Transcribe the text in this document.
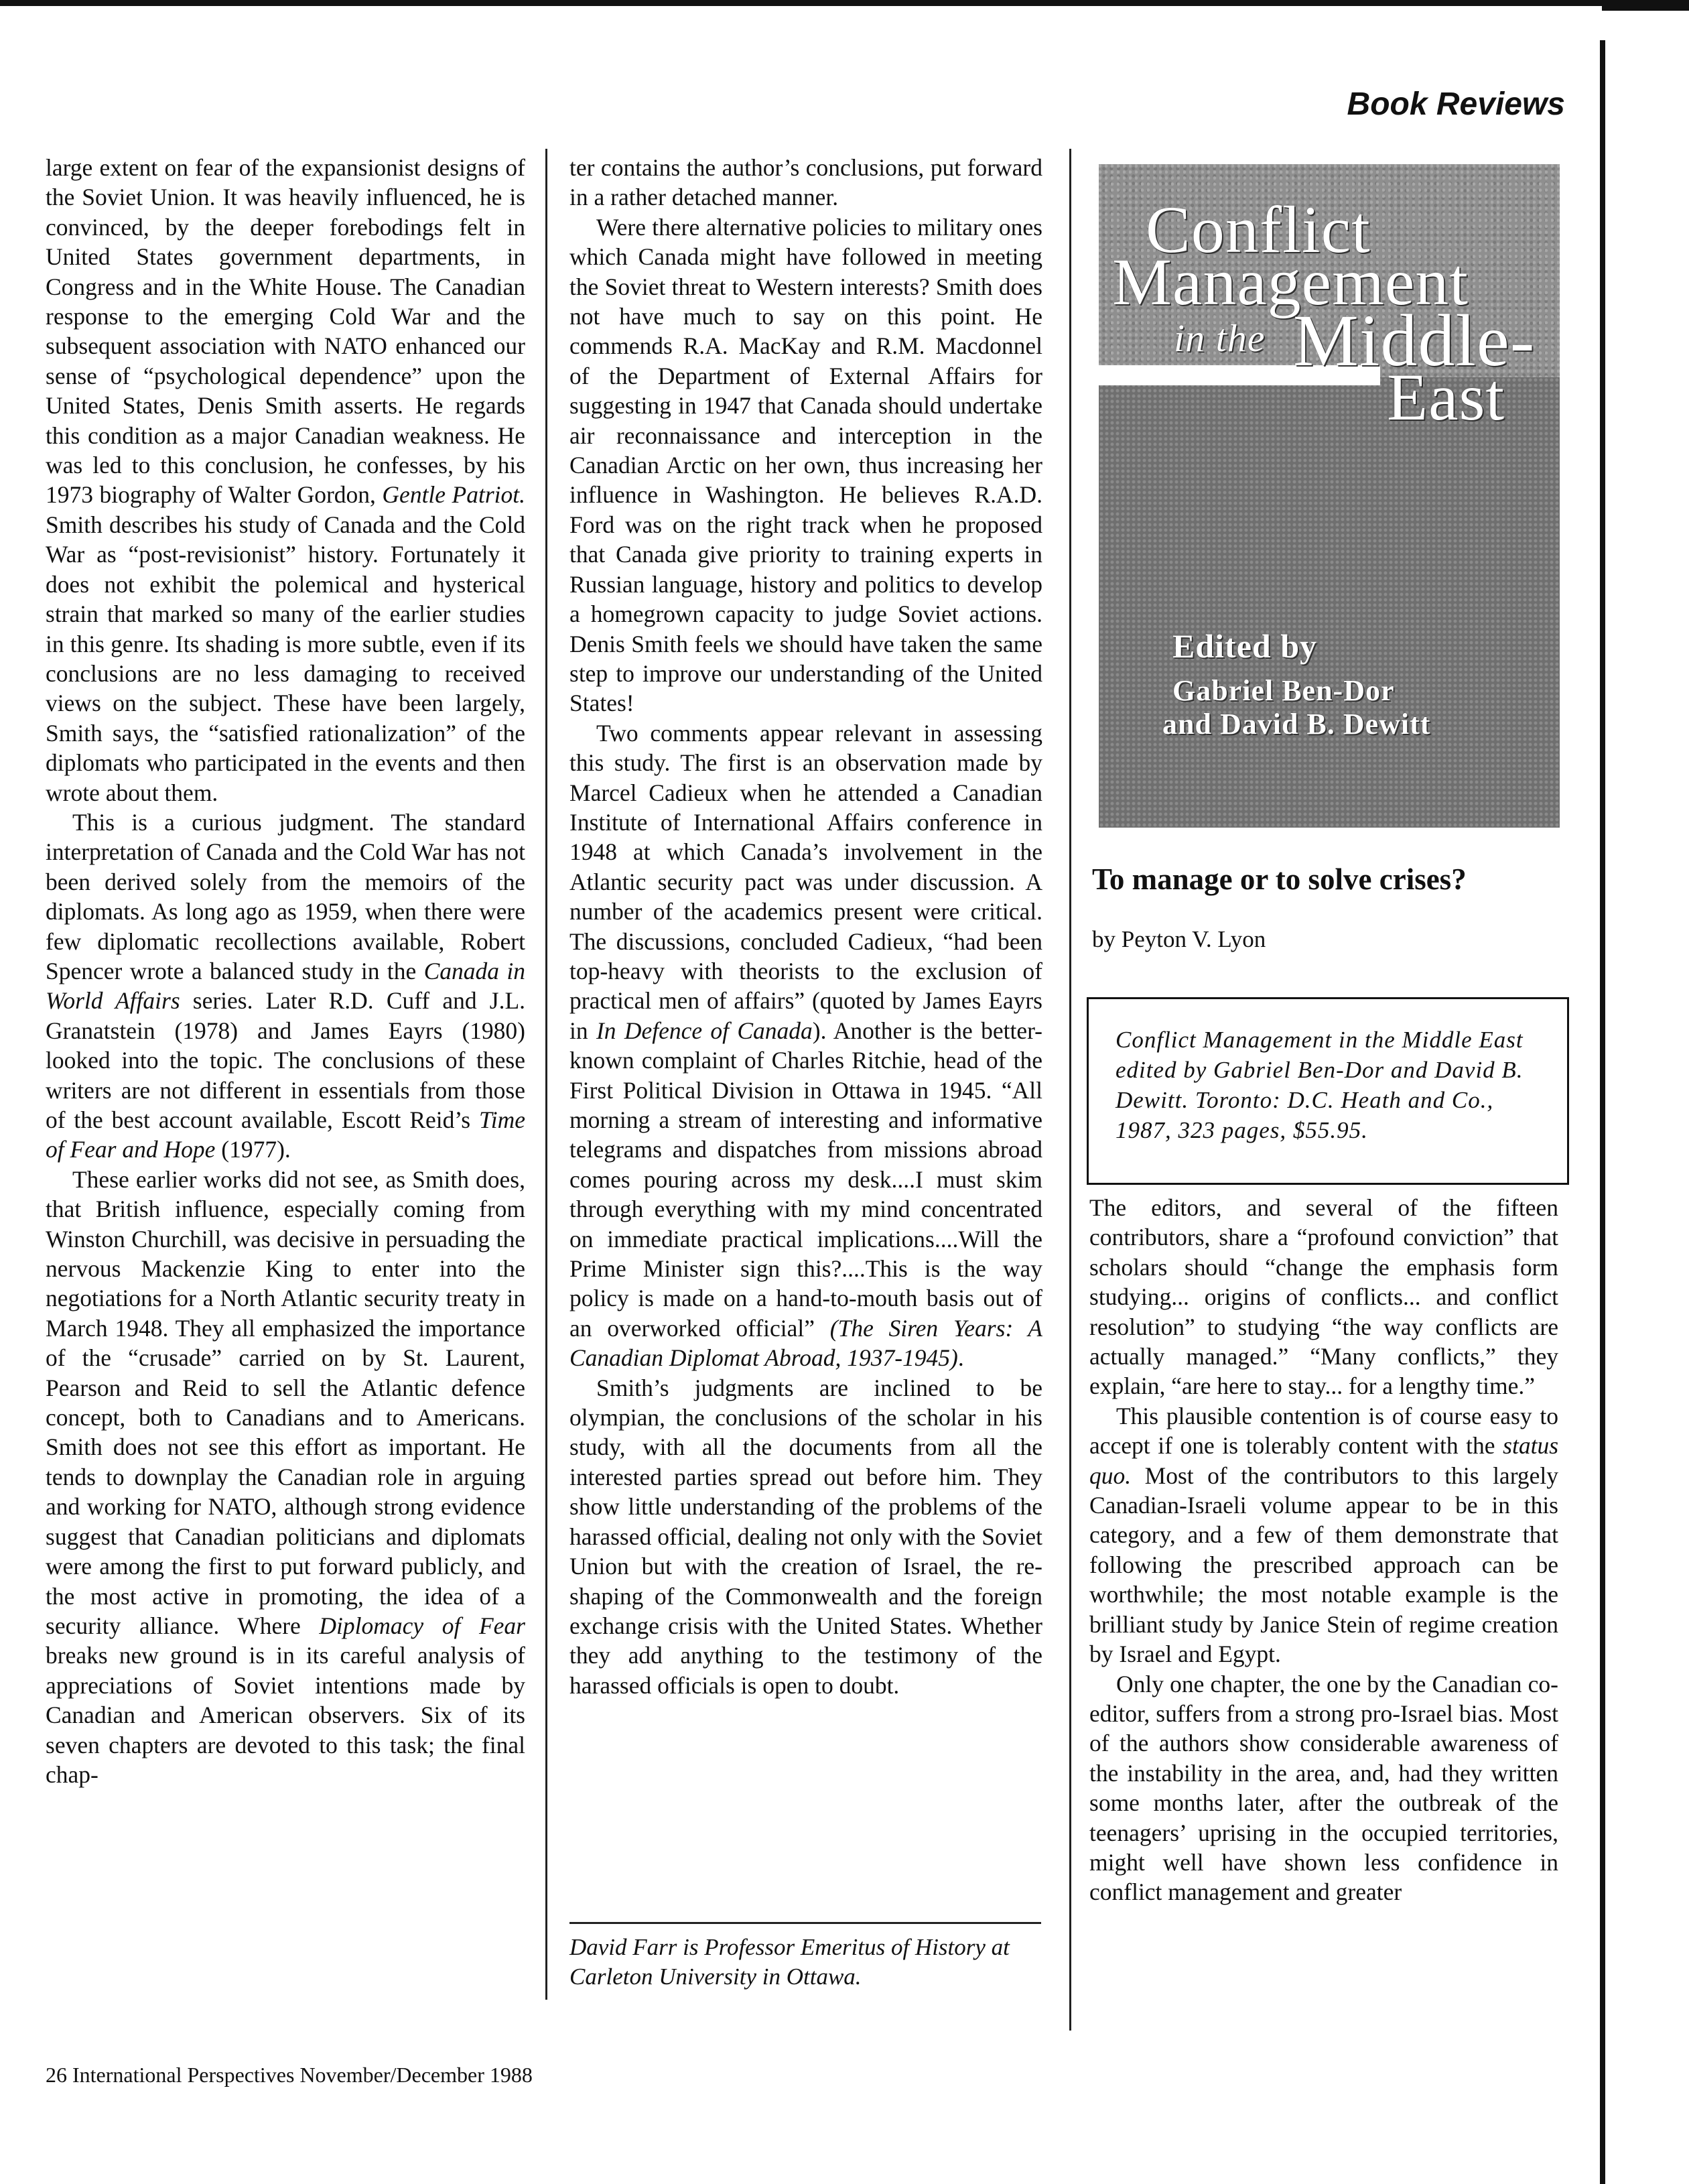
Book Reviews

large extent on fear of the expansionist designs of the Soviet Union. It was heavily influenced, he is convinced, by the deeper forebodings felt in United States government departments, in Congress and in the White House. The Canadian response to the emerging Cold War and the subsequent association with NATO enhanced our sense of “psychological dependence” upon the United States, Denis Smith asserts. He regards this condition as a major Canadian weakness. He was led to this conclusion, he confesses, by his 1973 biography of Walter Gordon, Gentle Patriot. Smith describes his study of Canada and the Cold War as “post-revisionist” history. Fortunately it does not exhibit the polemical and hysterical strain that marked so many of the earlier studies in this genre. Its shading is more subtle, even if its conclusions are no less damaging to received views on the subject. These have been largely, Smith says, the “satisfied rationalization” of the diplomats who participated in the events and then wrote about them.

This is a curious judgment. The standard interpretation of Canada and the Cold War has not been derived solely from the memoirs of the diplomats. As long ago as 1959, when there were few diplomatic recollections available, Robert Spencer wrote a balanced study in the Canada in World Affairs series. Later R.D. Cuff and J.L. Granatstein (1978) and James Eayrs (1980) looked into the topic. The conclusions of these writers are not different in essentials from those of the best account available, Escott Reid’s Time of Fear and Hope (1977).

These earlier works did not see, as Smith does, that British influence, especially coming from Winston Churchill, was decisive in persuading the nervous Mackenzie King to enter into the negotiations for a North Atlantic security treaty in March 1948. They all emphasized the importance of the “crusade” carried on by St. Laurent, Pearson and Reid to sell the Atlantic defence concept, both to Canadians and to Americans. Smith does not see this effort as important. He tends to downplay the Canadian role in arguing and working for NATO, although strong evidence suggest that Canadian politicians and diplomats were among the first to put forward publicly, and the most active in promoting, the idea of a security alliance. Where Diplomacy of Fear breaks new ground is in its careful analysis of appreciations of Soviet intentions made by Canadian and American observers. Six of its seven chapters are devoted to this task; the final chap-

ter contains the author’s conclusions, put forward in a rather detached manner.

Were there alternative policies to military ones which Canada might have followed in meeting the Soviet threat to Western interests? Smith does not have much to say on this point. He commends R.A. MacKay and R.M. Macdonnel of the Department of External Affairs for suggesting in 1947 that Canada should undertake air reconnaissance and interception in the Canadian Arctic on her own, thus increasing her influence in Washington. He believes R.A.D. Ford was on the right track when he proposed that Canada give priority to training experts in Russian language, history and politics to develop a homegrown capacity to judge Soviet actions. Denis Smith feels we should have taken the same step to improve our understanding of the United States!

Two comments appear relevant in assessing this study. The first is an observation made by Marcel Cadieux when he attended a Canadian Institute of International Affairs conference in 1948 at which Canada’s involvement in the Atlantic security pact was under discussion. A number of the academics present were critical. The discussions, concluded Cadieux, “had been top-heavy with theorists to the exclusion of practical men of affairs” (quoted by James Eayrs in In Defence of Canada). Another is the better-known complaint of Charles Ritchie, head of the First Political Division in Ottawa in 1945. “All morning a stream of interesting and informative telegrams and dispatches from missions abroad comes pouring across my desk....I must skim through everything with my mind concentrated on immediate practical implications....Will the Prime Minister sign this?....This is the way policy is made on a hand-to-mouth basis out of an overworked official” (The Siren Years: A Canadian Diplomat Abroad, 1937-1945).

Smith’s judgments are inclined to be olympian, the conclusions of the scholar in his study, with all the documents from all the interested parties spread out before him. They show little understanding of the problems of the harassed official, dealing not only with the Soviet Union but with the creation of Israel, the re-shaping of the Commonwealth and the foreign exchange crisis with the United States. Whether they add anything to the testimony of the harassed officials is open to doubt.

David Farr is Professor Emeritus of History at Carleton University in Ottawa.

Conflict
Management
in the Middle-
East
Edited by
Gabriel Ben-Dor
and David B. Dewitt
To manage or to solve crises?

by Peyton V. Lyon

Conflict Management in the Middle East edited by Gabriel Ben-Dor and David B. Dewitt. Toronto: D.C. Heath and Co., 1987, 323 pages, $55.95.

The editors, and several of the fifteen contributors, share a “profound conviction” that scholars should “change the emphasis form studying... origins of conflicts... and conflict resolution” to studying “the way conflicts are actually managed.” “Many conflicts,” they explain, “are here to stay... for a lengthy time.”

This plausible contention is of course easy to accept if one is tolerably content with the status quo. Most of the contributors to this largely Canadian-Israeli volume appear to be in this category, and a few of them demonstrate that following the prescribed approach can be worthwhile; the most notable example is the brilliant study by Janice Stein of regime creation by Israel and Egypt.

Only one chapter, the one by the Canadian co-editor, suffers from a strong pro-Israel bias. Most of the authors show considerable awareness of the instability in the area, and, had they written some months later, after the outbreak of the teenagers’ uprising in the occupied territories, might well have shown less confidence in conflict management and greater

26 International Perspectives November/December 1988
